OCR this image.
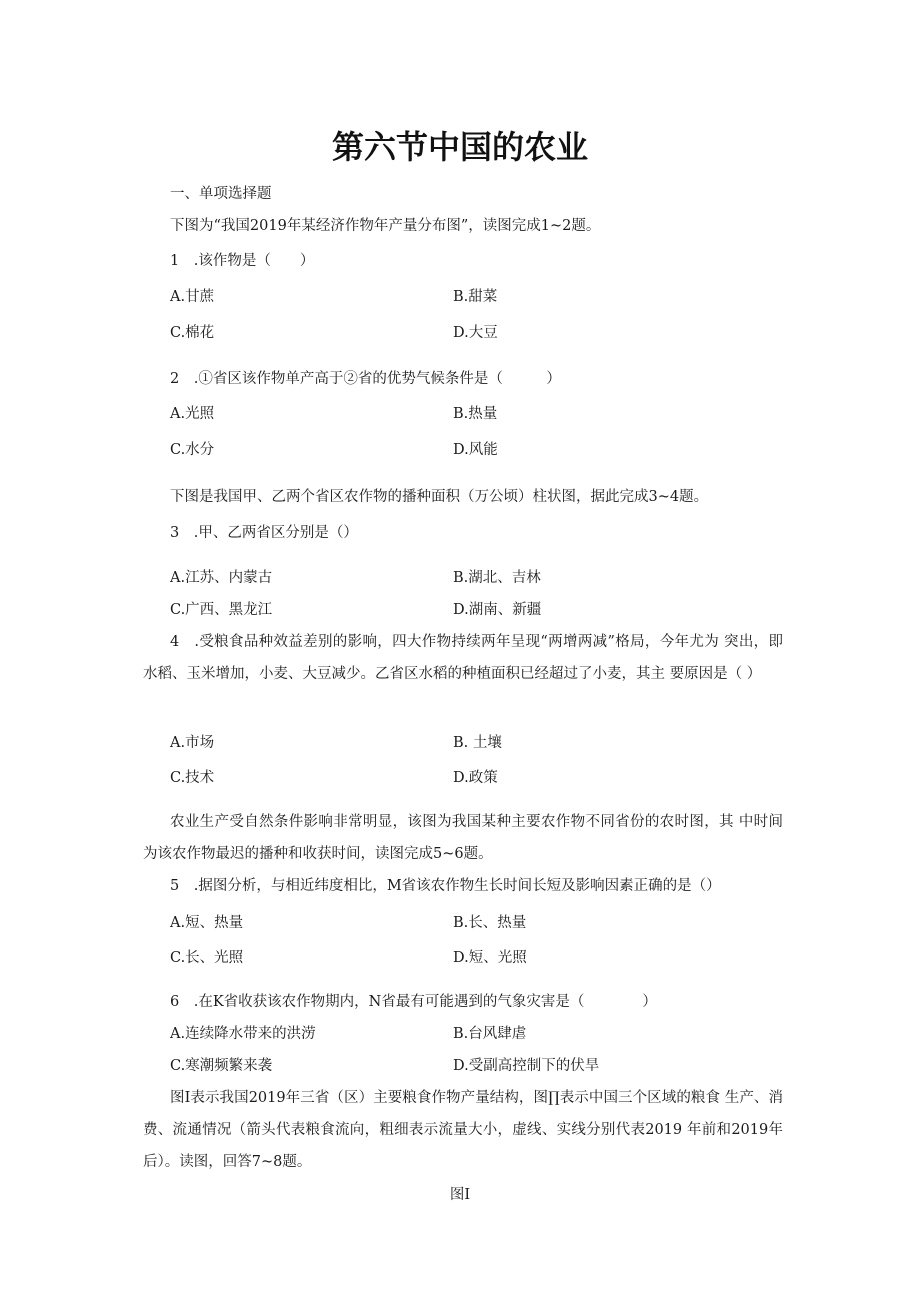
第六节中国的农业
一、单项选择题
下图为“我国2019年某经济作物年产量分布图”，读图完成1~2题。
1　.该作物是（　　）
A.甘蔗	B.甜菜
C.棉花	D.大豆
2　.①省区该作物单产高于②省的优势气候条件是（　　　）
A.光照	B.热量
C.水分	D.风能
下图是我国甲、乙两个省区农作物的播种面积（万公顷）柱状图，据此完成3~4题。
3　.甲、乙两省区分别是（）
A.江苏、内蒙古	B.湖北、吉林
C.广西、黑龙江	D.湖南、新疆
4　.受粮食品种效益差别的影响，四大作物持续两年呈现“两增两减”格局，今年尤为 突出，即水稻、玉米增加，小麦、大豆减少。乙省区水稻的种植面积已经超过了小麦，其主 要原因是（ ）
A.市场	B. 土壤
C.技术	D.政策
农业生产受自然条件影响非常明显，该图为我国某种主要农作物不同省份的农时图，其 中时间为该农作物最迟的播种和收获时间，读图完成5~6题。
5　.据图分析，与相近纬度相比，M省该农作物生长时间长短及影响因素正确的是（）
A.短、热量	B.长、热量
C.长、光照	D.短、光照
6　.在K省收获该农作物期内，N省最有可能遇到的气象灾害是（　　　　）
A.连续降水带来的洪涝	B.台风肆虐
C.寒潮频繁来袭	D.受副高控制下的伏旱
图I表示我国2019年三省（区）主要粮食作物产量结构，图∏表示中国三个区域的粮食 生产、消费、流通情况（箭头代表粮食流向，粗细表示流量大小，虚线、实线分别代表2019 年前和2019年后）。读图，回答7~8题。
图I
